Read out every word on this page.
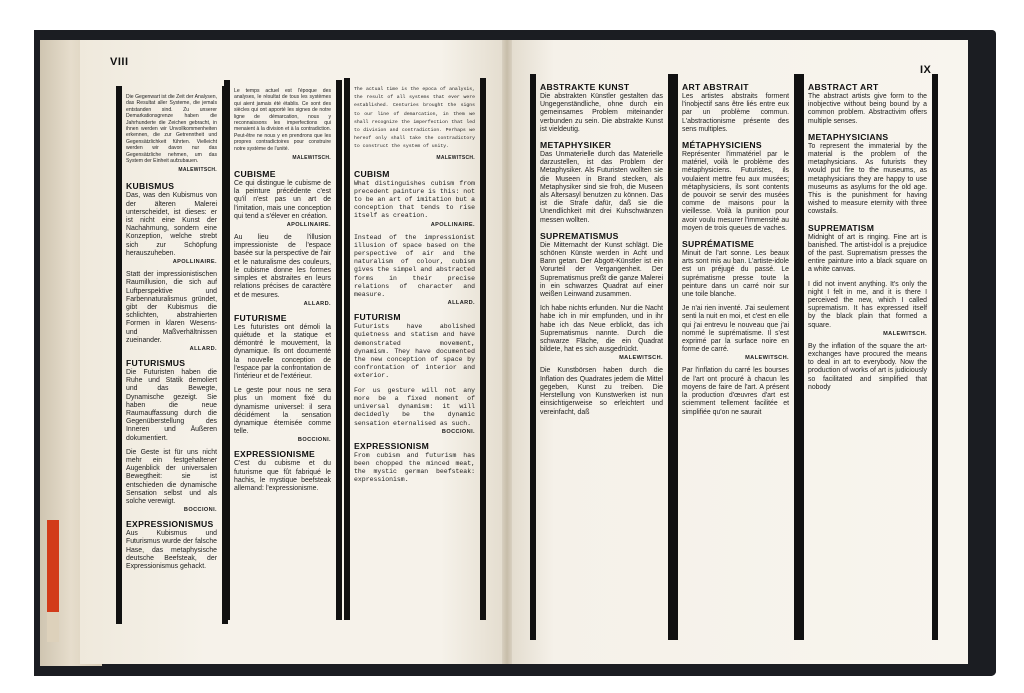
VIII
IX

Die Gegenwart ist die Zeit der Analysen, das Resultat aller Systeme, die jemals entstanden sind. Zu unserer Demarkationsgrenze haben die Jahrhunderte die Zeichen gebracht, in ihnen werden wir Unvollkommenheiten erkennen, die zur Getrenntheit und Gegensätzlichkeit führten. Vielleicht werden wir davon nur das Gegensätzliche nehmen, um das System der Einheit aufzubauen.

MALEWITSCH.
KUBISMUS

Das, was den Kubismus von der älteren Malerei unterscheidet, ist dieses: er ist nicht eine Kunst der Nachahmung, sondern eine Konzeption, welche strebt sich zur Schöpfung herauszuheben.

APOLLINAIRE.

Statt der impressionistischen Raumillusion, die sich auf Luftperspektive und Farbennaturalismus gründet, gibt der Kubismus die schlichten, abstrahierten Formen in klaren Wesens- und Maßverhältnissen zueinander.

ALLARD.
FUTURISMUS

Die Futuristen haben die Ruhe und Statik demoliert und das Bewegte, Dynamische gezeigt. Sie haben die neue Raumauffassung durch die Gegenüberstellung des Inneren und Äußeren dokumentiert.

Die Geste ist für uns nicht mehr ein festgehaltener Augenblick der universalen Bewegtheit: sie ist entschieden die dynamische Sensation selbst und als solche verewigt.

BOCCIONI.
EXPRESSIONISMUS

Aus Kubismus und Futurismus wurde der falsche Hase, das metaphysische deutsche Beefsteak, der Expressionismus gehackt.

Le temps actuel est l'époque des analyses, le résultat de tous les systèmes qui aient jamais été établis. Ce sont des siècles qui ont apporté les signes de notre ligne de démarcation, nous y reconnaissons les imperfections qui menaient à la division et à la contradiction. Peut-être ne nous y en prendrons que les propres contradictoires pour construire notre système de l'unité.

MALEWITSCH.
CUBISME

Ce qui distingue le cubisme de la peinture précédente c'est qu'il n'est pas un art de l'imitation, mais une conception qui tend a s'élever en création.

APOLLINAIRE.

Au lieu de l'illusion impressioniste de l'espace basée sur la perspective de l'air et le naturalisme des couleurs, le cubisme donne les formes simples et abstraites en leurs relations précises de caractère et de mesures.

ALLARD.
FUTURISME

Les futuristes ont démoli la quiétude et la statique et démontré le mouvement, la dynamique. Ils ont documenté la nouvelle conception de l'espace par la confrontation de l'intérieur et de l'extérieur.

Le geste pour nous ne sera plus un moment fixé du dynamisme universel: il sera décidément la sensation dynamique éternisée comme telle.

BOCCIONI.
EXPRESSIONISME

C'est du cubisme et du futurisme que fût fabriqué le hachis, le mystique beefsteak allemand: l'expressionisme.

The actual time is the epoca of analysis, the result of all systems that ever were established. Centuries brought the signs to our line of demarcation, in them we shall recognize the imperfection that led to division and contradiction. Perhaps we hereof only shall take the contradictory to construct the system of unity.

MALEWITSCH.
CUBISM

What distinguishes cubism from precedent painture is this: not to be an art of imitation but a conception that tends to rise itself as creation.

APOLLINAIRE.

Instead of the impressionist illusion of space based on the perspective of air and the naturalism of colour, cubism gives the simpel and abstracted forms in their precise relations of character and measure.

ALLARD.
FUTURISM

Futurists have abolished quietness and statism and have demonstrated movement, dynamism. They have documented the new conception of space by confrontation of interior and exterior.

For us gesture will not any more be a fixed moment of universal dynamism: it will decidedly be the dynamic sensation eternalised as such.

BOCCIONI.
EXPRESSIONISM

From cubism and futurism has been chopped the minced meat, the mystic german beefsteak: expressionism.

ABSTRAKTE KUNST

Die abstrakten Künstler gestalten das Ungegenständliche, ohne durch ein gemeinsames Problem miteinander verbunden zu sein. Die abstrakte Kunst ist vieldeutig.

METAPHYSIKER

Das Unmaterielle durch das Materielle darzustellen, ist das Problem der Metaphysiker. Als Futuristen wollten sie die Museen in Brand stecken, als Metaphysiker sind sie froh, die Museen als Altersasyl benutzen zu können. Das ist die Strafe dafür, daß sie die Unendlichkeit mit drei Kuhschwänzen messen wollten.

SUPREMATISMUS

Die Mitternacht der Kunst schlägt. Die schönen Künste werden in Acht und Bann getan. Der Abgott-Künstler ist ein Vorurteil der Vergangenheit. Der Suprematismus preßt die ganze Malerei in ein schwarzes Quadrat auf einer weißen Leinwand zusammen.

Ich habe nichts erfunden. Nur die Nacht habe ich in mir empfunden, und in ihr habe ich das Neue erblickt, das ich Suprematismus nannte. Durch die schwarze Fläche, die ein Quadrat bildete, hat es sich ausgedrückt.

MALEWITSCH.

Die Kunstbörsen haben durch die Inflation des Quadrates jedem die Mittel gegeben, Kunst zu treiben. Die Herstellung von Kunstwerken ist nun einsichtigerweise so erleichtert und vereinfacht, daß

ART ABSTRAIT

Les artistes abstraits forment l'inobjectif sans être liés entre eux par un problème commun. L'abstractionisme présente des sens multiples.

MÉTAPHYSICIENS

Représenter l'immatériel par le matériel, voilà le problème des métaphysiciens. Futuristes, ils voulaient mettre feu aux musées; métaphysiciens, ils sont contents de pouvoir se servir des musées comme de maisons pour la vieillesse. Voilà la punition pour avoir voulu mesurer l'immensité au moyen de trois queues de vaches.

SUPRÉMATISME

Minuit de l'art sonne. Les beaux arts sont mis au ban. L'artiste-idole est un préjugé du passé. Le suprématisme presse toute la peinture dans un carré noir sur une toile blanche.

Je n'ai rien inventé. J'ai seulement senti la nuit en moi, et c'est en elle qui j'ai entrevu le nouveau que j'ai nommé le suprématisme. Il s'est exprimé par la surface noire en forme de carré.

MALEWITSCH.

Par l'inflation du carré les bourses de l'art ont procuré à chacun les moyens de faire de l'art. A présent la production d'œuvres d'art est sciemment tellement facilitée et simplifiée qu'on ne saurait

ABSTRACT ART

The abstract artists give form to the inobjective without being bound by a common problem. Abstractivim offers multiple senses.

METAPHYSICIANS

To represent the immaterial by the material is the problem of the metaphysicians. As futurists they would put fire to the museums, as metaphysicians they are happy to use museums as asylums for the old age. This is the punishment for having wished to measure eternity with three cowstails.

SUPREMATISM

Midnight of art is ringing. Fine art is banished. The artist-idol is a prejudice of the past. Suprematism presses the entire painture into a black square on a white canvas.

I did not invent anything. It's only the night I felt in me, and it is there I perceived the new, which I called suprematism. It has expressed itself by the black plain that formed a square.

MALEWITSCH.

By the inflation of the square the art-exchanges have procured the means to deal in art to everybody. Now the production of works of art is judiciously so facilitated and simplified that nobody
